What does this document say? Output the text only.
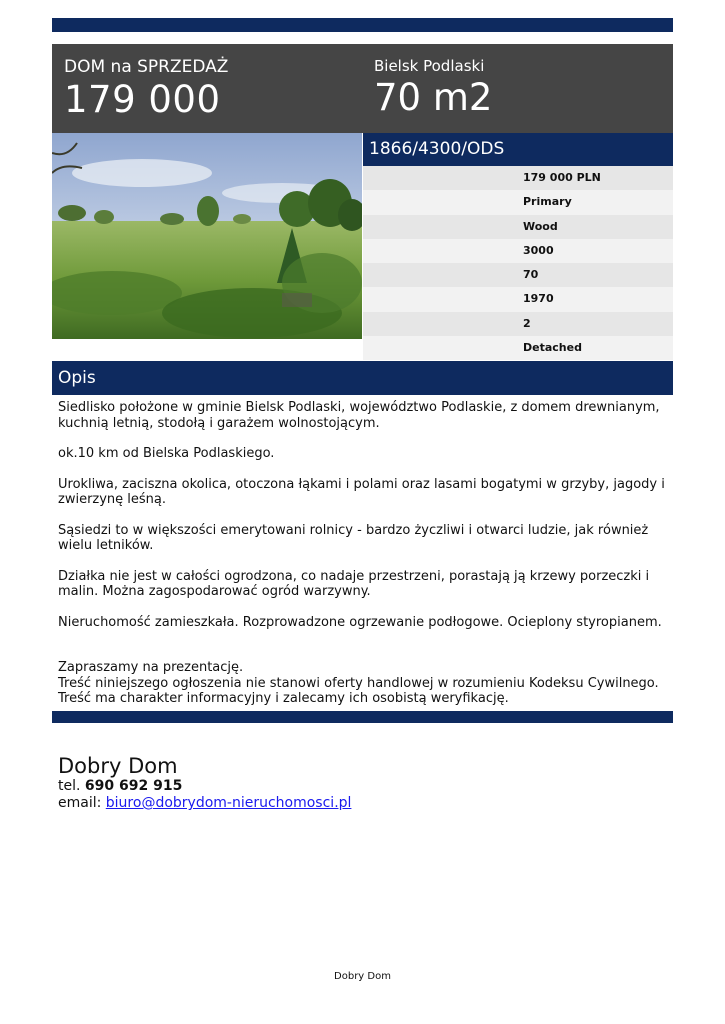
DOM na SPRZEDAŻ
179 000
Bielsk Podlaski
70 m2
1866/4300/ODS
179 000 PLN
Primary
Wood
3000
70
1970
2
Detached
Opis

Siedlisko położone w gminie Bielsk Podlaski, województwo Podlaskie, z domem drewnianym, kuchnią letnią, stodołą i garażem wolnostojącym.

ok.10 km od Bielska Podlaskiego.

Urokliwa, zaciszna okolica, otoczona łąkami i polami oraz lasami bogatymi w grzyby, jagody i zwierzynę leśną.

Sąsiedzi to w większości emerytowani rolnicy - bardzo życzliwi i otwarci ludzie, jak również wielu letników.

Działka nie jest w całości ogrodzona, co nadaje przestrzeni, porastają ją krzewy porzeczki i malin. Można zagospodarować ogród warzywny.

Nieruchomość zamieszkała. Rozprowadzone ogrzewanie podłogowe. Ocieplony styropianem.

Zapraszamy na prezentację.

Treść niniejszego ogłoszenia nie stanowi oferty handlowej w rozumieniu Kodeksu Cywilnego. Treść ma charakter informacyjny i zalecamy ich osobistą weryfikację.

Dobry Dom
tel. 690 692 915
email: biuro@dobrydom-nieruchomosci.pl
Dobry Dom
